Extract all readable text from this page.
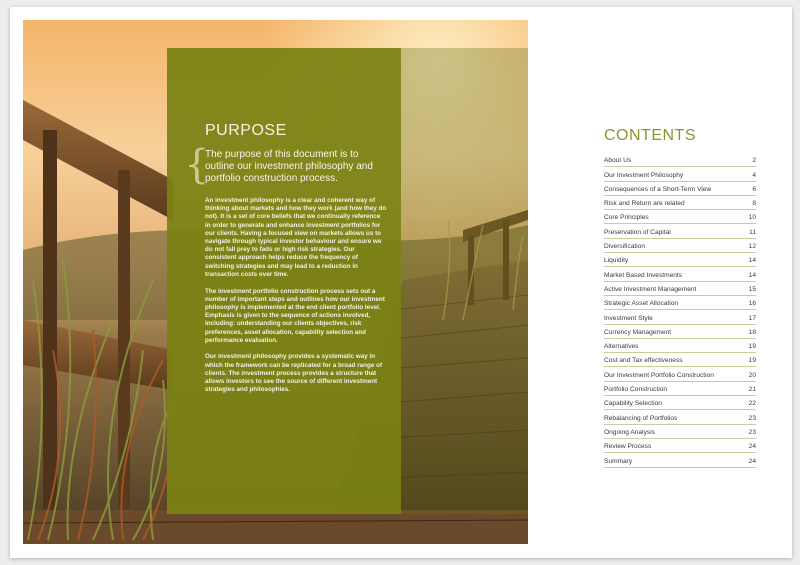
PURPOSE
{

The purpose of this document is to outline our investment philosophy and portfolio construction process.

An investment philosophy is a clear and coherent way of thinking about markets and how they work (and how they do not). It is a set of core beliefs that we continually reference in order to generate and enhance investment portfolios for our clients. Having a focused view on markets allows us to navigate through typical investor behaviour and ensure we do not fall prey to fads or high risk strategies. Our consistent approach helps reduce the frequency of switching strategies and may lead to a reduction in transaction costs over time.

The investment portfolio construction process sets out a number of important steps and outlines how our investment philosophy is implemented at the end client portfolio level. Emphasis is given to the sequence of actions involved, including: understanding our clients objectives, risk preferences, asset allocation, capability selection and performance evaluation.

Our investment philosophy provides a systematic way in which the framework can be replicated for a broad range of clients. The investment process provides a structure that allows investors to see the source of different investment strategies and philosophies.

CONTENTS
About Us	2
Our Investment Philosophy	4
Consequences of a Short-Term View	6
Risk and Return are related	8
Core Principles	10
Preservation of Capital	11
Diversification	12
Liquidity	14
Market Based Investments	14
Active Investment Management	15
Strategic Asset Allocation	16
Investment Style	17
Currency Management	18
Alternatives	19
Cost and Tax effectiveness	19
Our Investment Portfolio Construction	20
Portfolio Construction	21
Capability Selection	22
Rebalancing of Portfolios	23
Ongoing Analysis	23
Review Process	24
Summary	24
